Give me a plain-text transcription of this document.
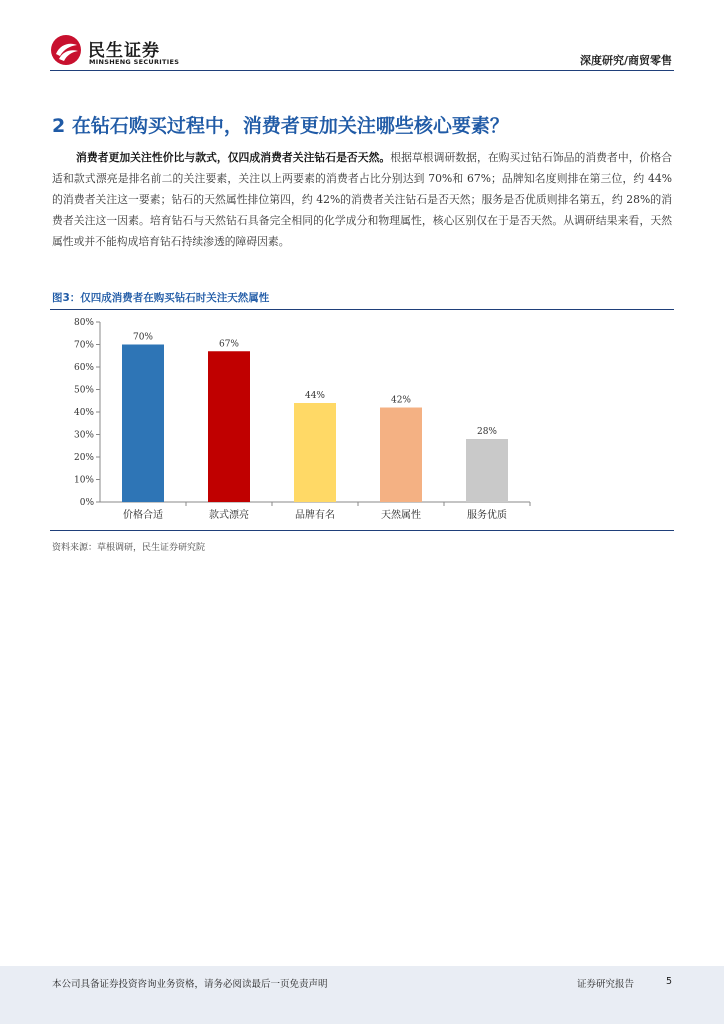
民生证券
MINSHENG SECURITIES	深度研究/商贸零售
2 在钻石购买过程中，消费者更加关注哪些核心要素？
消费者更加关注性价比与款式，仅四成消费者关注钻石是否天然。根据草根调研数据，在购买过钻石饰品的消费者中，价格合适和款式漂亮是排名前二的关注要素，关注以上两要素的消费者占比分别达到 70%和 67%；品牌知名度则排在第三位，约 44%的消费者关注这一要素；钻石的天然属性排位第四，约 42%的消费者关注钻石是否天然；服务是否优质则排名第五，约 28%的消费者关注这一因素。培育钻石与天然钻石具备完全相同的化学成分和物理属性，核心区别仅在于是否天然。从调研结果来看，天然属性或并不能构成培育钻石持续渗透的障碍因素。
图3：仅四成消费者在购买钻石时关注天然属性
0%
10%
20%
30%
40%
50%
60%
70%
80%
70%
价格合适
67%
款式漂亮
44%
品牌有名
42%
天然属性
28%
服务优质
资料来源：草根调研，民生证券研究院
本公司具备证券投资咨询业务资格，请务必阅读最后一页免责声明	证券研究报告	5
